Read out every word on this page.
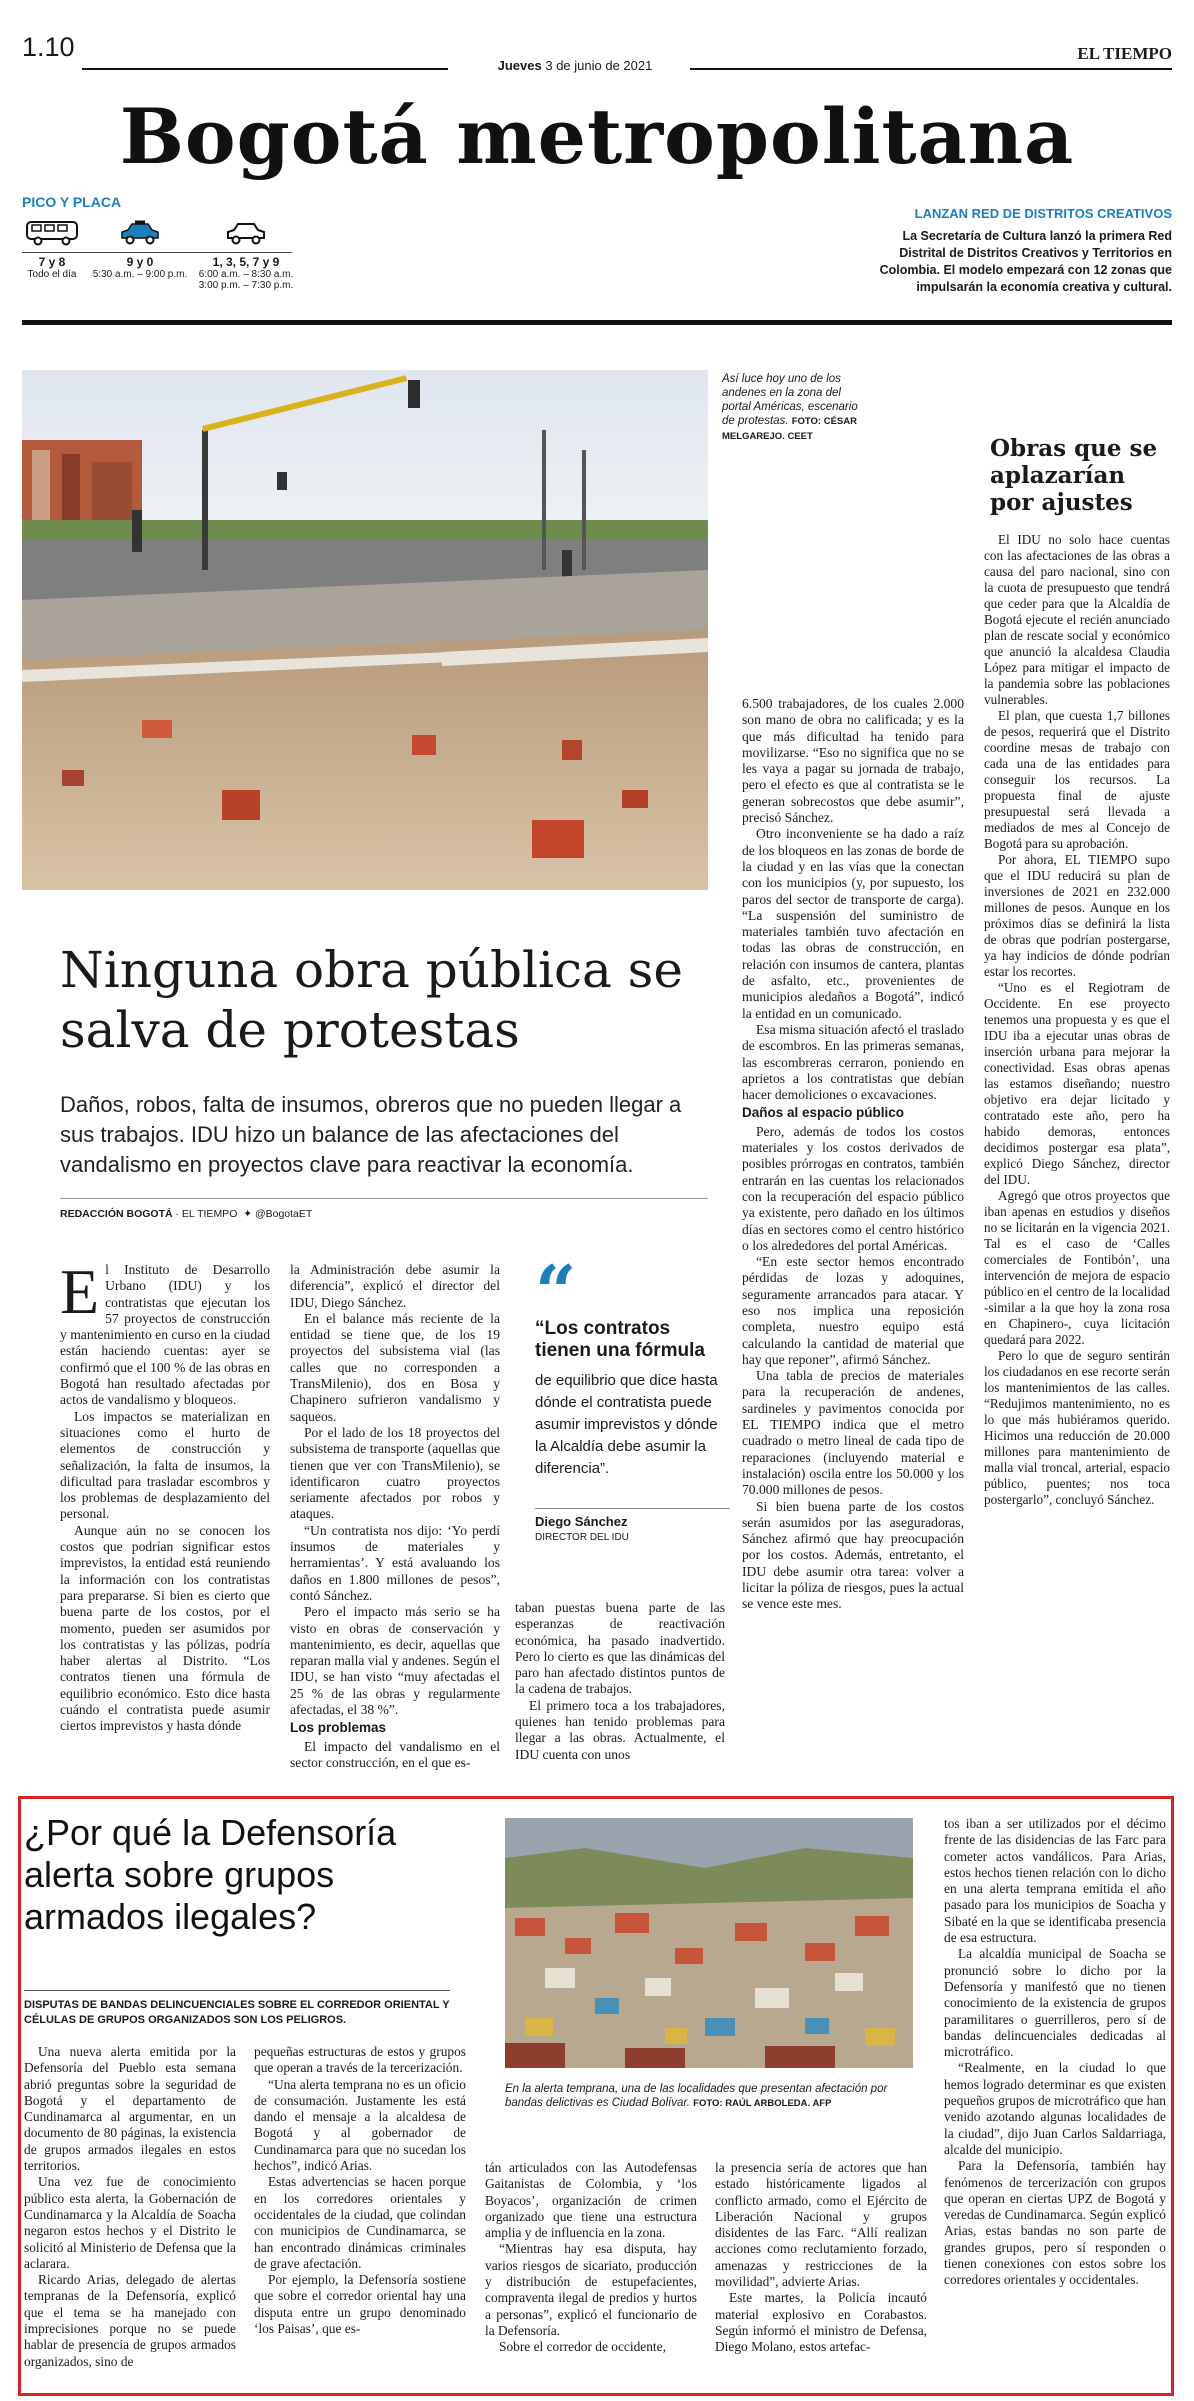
1.10
Jueves 3 de junio de 2021
EL TIEMPO
Bogotá metropolitana
PICO Y PLACA
7 y 8
Todo el día
9 y 0
5:30 a.m. – 9:00 p.m.
1, 3, 5, 7 y 9
6:00 a.m. – 8:30 a.m. 3:00 p.m. – 7:30 p.m.
LANZAN RED DE DISTRITOS CREATIVOS
La Secretaría de Cultura lanzó la primera Red Distrital de Distritos Creativos y Territorios en Colombia. El modelo empezará con 12 zonas que impulsarán la economía creativa y cultural.
Así luce hoy uno de los andenes en la zona del portal Américas, escenario de protestas. FOTO: CÉSAR MELGAREJO. CEET
Ninguna obra pública se salva de protestas
Daños, robos, falta de insumos, obreros que no pueden llegar a sus trabajos. IDU hizo un balance de las afectaciones del vandalismo en proyectos clave para reactivar la economía.
REDACCIÓN BOGOTÁ · EL TIEMPO ✦ @BogotaET

El Instituto de Desarrollo Urbano (IDU) y los contratistas que ejecutan los 57 proyectos de construcción y mantenimiento en curso en la ciudad están haciendo cuentas: ayer se confirmó que el 100 % de las obras en Bogotá han resultado afectadas por actos de vandalismo y bloqueos.

Los impactos se materializan en situaciones como el hurto de elementos de construcción y señalización, la falta de insumos, la dificultad para trasladar escombros y los problemas de desplazamiento del personal.

Aunque aún no se conocen los costos que podrían significar estos imprevistos, la entidad está reuniendo la información con los contratistas para prepararse. Si bien es cierto que buena parte de los costos, por el momento, pueden ser asumidos por los contratistas y las pólizas, podría haber alertas al Distrito. “Los contratos tienen una fórmula de equilibrio económico. Esto dice hasta cuándo el contratista puede asumir ciertos imprevistos y hasta dónde

la Administración debe asumir la diferencia”, explicó el director del IDU, Diego Sánchez.

En el balance más reciente de la entidad se tiene que, de los 19 proyectos del subsistema vial (las calles que no corresponden a TransMilenio), dos en Bosa y Chapinero sufrieron vandalismo y saqueos.

Por el lado de los 18 proyectos del subsistema de transporte (aquellas que tienen que ver con TransMilenio), se identificaron cuatro proyectos seriamente afectados por robos y ataques.

“Un contratista nos dijo: ‘Yo perdí insumos de materiales y herramientas’. Y está avaluando los daños en 1.800 millones de pesos”, contó Sánchez.

Pero el impacto más serio se ha visto en obras de conservación y mantenimiento, es decir, aquellas que reparan malla vial y andenes. Según el IDU, se han visto “muy afectadas el 25 % de las obras y regularmente afectadas, el 38 %”.

Los problemas

El impacto del vandalismo en el sector construcción, en el que es-

“
“Los contratos tienen una fórmula
de equilibrio que dice hasta dónde el contratista puede asumir imprevistos y dónde la Alcaldía debe asumir la diferencia”.
Diego Sánchez
DIRECTOR DEL IDU

taban puestas buena parte de las esperanzas de reactivación económica, ha pasado inadvertido. Pero lo cierto es que las dinámicas del paro han afectado distintos puntos de la cadena de trabajos.

El primero toca a los trabajadores, quienes han tenido problemas para llegar a las obras. Actualmente, el IDU cuenta con unos

6.500 trabajadores, de los cuales 2.000 son mano de obra no calificada; y es la que más dificultad ha tenido para movilizarse. “Eso no significa que no se les vaya a pagar su jornada de trabajo, pero el efecto es que al contratista se le generan sobrecostos que debe asumir”, precisó Sánchez.

Otro inconveniente se ha dado a raíz de los bloqueos en las zonas de borde de la ciudad y en las vías que la conectan con los municipios (y, por supuesto, los paros del sector de transporte de carga). “La suspensión del suministro de materiales también tuvo afectación en todas las obras de construcción, en relación con insumos de cantera, plantas de asfalto, etc., provenientes de municipios aledaños a Bogotá”, indicó la entidad en un comunicado.

Esa misma situación afectó el traslado de escombros. En las primeras semanas, las escombreras cerraron, poniendo en aprietos a los contratistas que debían hacer demoliciones o excavaciones.

Daños al espacio público

Pero, además de todos los costos materiales y los costos derivados de posibles prórrogas en contratos, también entrarán en las cuentas los relacionados con la recuperación del espacio público ya existente, pero dañado en los últimos días en sectores como el centro histórico o los alrededores del portal Américas.

“En este sector hemos encontrado pérdidas de lozas y adoquines, seguramente arrancados para atacar. Y eso nos implica una reposición completa, nuestro equipo está calculando la cantidad de material que hay que reponer”, afirmó Sánchez.

Una tabla de precios de materiales para la recuperación de andenes, sardineles y pavimentos conocida por EL TIEMPO indica que el metro cuadrado o metro lineal de cada tipo de reparaciones (incluyendo material e instalación) oscila entre los 50.000 y los 70.000 millones de pesos.

Si bien buena parte de los costos serán asumidos por las aseguradoras, Sánchez afirmó que hay preocupación por los costos. Además, entretanto, el IDU debe asumir otra tarea: volver a licitar la póliza de riesgos, pues la actual se vence este mes.

Obras que se aplazarían por ajustes

El IDU no solo hace cuentas con las afectaciones de las obras a causa del paro nacional, sino con la cuota de presupuesto que tendrá que ceder para que la Alcaldía de Bogotá ejecute el recién anunciado plan de rescate social y económico que anunció la alcaldesa Claudia López para mitigar el impacto de la pandemia sobre las poblaciones vulnerables.

El plan, que cuesta 1,7 billones de pesos, requerirá que el Distrito coordine mesas de trabajo con cada una de las entidades para conseguir los recursos. La propuesta final de ajuste presupuestal será llevada a mediados de mes al Concejo de Bogotá para su aprobación.

Por ahora, EL TIEMPO supo que el IDU reducirá su plan de inversiones de 2021 en 232.000 millones de pesos. Aunque en los próximos días se definirá la lista de obras que podrían postergarse, ya hay indicios de dónde podrían estar los recortes.

“Uno es el Regiotram de Occidente. En ese proyecto tenemos una propuesta y es que el IDU iba a ejecutar unas obras de inserción urbana para mejorar la conectividad. Esas obras apenas las estamos diseñando; nuestro objetivo era dejar licitado y contratado este año, pero ha habido demoras, entonces decidimos postergar esa plata”, explicó Diego Sánchez, director del IDU.

Agregó que otros proyectos que iban apenas en estudios y diseños no se licitarán en la vigencia 2021. Tal es el caso de ‘Calles comerciales de Fontibón’, una intervención de mejora de espacio público en el centro de la localidad -similar a la que hoy la zona rosa en Chapinero-, cuya licitación quedará para 2022.

Pero lo que de seguro sentirán los ciudadanos en ese recorte serán los mantenimientos de las calles. “Redujimos mantenimiento, no es lo que más hubiéramos querido. Hicimos una reducción de 20.000 millones para mantenimiento de malla vial troncal, arterial, espacio público, puentes; nos toca postergarlo”, concluyó Sánchez.

¿Por qué la Defensoría alerta sobre grupos armados ilegales?
DISPUTAS DE BANDAS DELINCUENCIALES SOBRE EL CORREDOR ORIENTAL Y CÉLULAS DE GRUPOS ORGANIZADOS SON LOS PELIGROS.
En la alerta temprana, una de las localidades que presentan afectación por bandas delictivas es Ciudad Bolívar. FOTO: RAÚL ARBOLEDA. AFP

Una nueva alerta emitida por la Defensoría del Pueblo esta semana abrió preguntas sobre la seguridad de Bogotá y el departamento de Cundinamarca al argumentar, en un documento de 80 páginas, la existencia de grupos armados ilegales en estos territorios.

Una vez fue de conocimiento público esta alerta, la Gobernación de Cundinamarca y la Alcaldía de Soacha negaron estos hechos y el Distrito le solicitó al Ministerio de Defensa que la aclarara.

Ricardo Arias, delegado de alertas tempranas de la Defensoría, explicó que el tema se ha manejado con imprecisiones porque no se puede hablar de presencia de grupos armados organizados, sino de

pequeñas estructuras de estos y grupos que operan a través de la tercerización.

“Una alerta temprana no es un oficio de consumación. Justamente les está dando el mensaje a la alcaldesa de Bogotá y al gobernador de Cundinamarca para que no sucedan los hechos”, indicó Arias.

Estas advertencias se hacen porque en los corredores orientales y occidentales de la ciudad, que colindan con municipios de Cundinamarca, se han encontrado dinámicas criminales de grave afectación.

Por ejemplo, la Defensoría sostiene que sobre el corredor oriental hay una disputa entre un grupo denominado ‘los Paisas’, que es-

tán articulados con las Autodefensas Gaitanistas de Colombia, y ‘los Boyacos’, organización de crimen organizado que tiene una estructura amplia y de influencia en la zona.

“Mientras hay esa disputa, hay varios riesgos de sicariato, producción y distribución de estupefacientes, compraventa ilegal de predios y hurtos a personas”, explicó el funcionario de la Defensoría.

Sobre el corredor de occidente,

la presencia sería de actores que han estado históricamente ligados al conflicto armado, como el Ejército de Liberación Nacional y grupos disidentes de las Farc. “Allí realizan acciones como reclutamiento forzado, amenazas y restricciones de la movilidad”, advierte Arias.

Este martes, la Policía incautó material explosivo en Corabastos. Según informó el ministro de Defensa, Diego Molano, estos artefac-

tos iban a ser utilizados por el décimo frente de las disidencias de las Farc para cometer actos vandálicos. Para Arias, estos hechos tienen relación con lo dicho en una alerta temprana emitida el año pasado para los municipios de Soacha y Sibaté en la que se identificaba presencia de esa estructura.

La alcaldía municipal de Soacha se pronunció sobre lo dicho por la Defensoría y manifestó que no tienen conocimiento de la existencia de grupos paramilitares o guerrilleros, pero sí de bandas delincuenciales dedicadas al microtráfico.

“Realmente, en la ciudad lo que hemos logrado determinar es que existen pequeños grupos de microtráfico que han venido azotando algunas localidades de la ciudad”, dijo Juan Carlos Saldarriaga, alcalde del municipio.

Para la Defensoría, también hay fenómenos de tercerización con grupos que operan en ciertas UPZ de Bogotá y veredas de Cundinamarca. Según explicó Arias, estas bandas no son parte de grandes grupos, pero sí responden o tienen conexiones con estos sobre los corredores orientales y occidentales.
